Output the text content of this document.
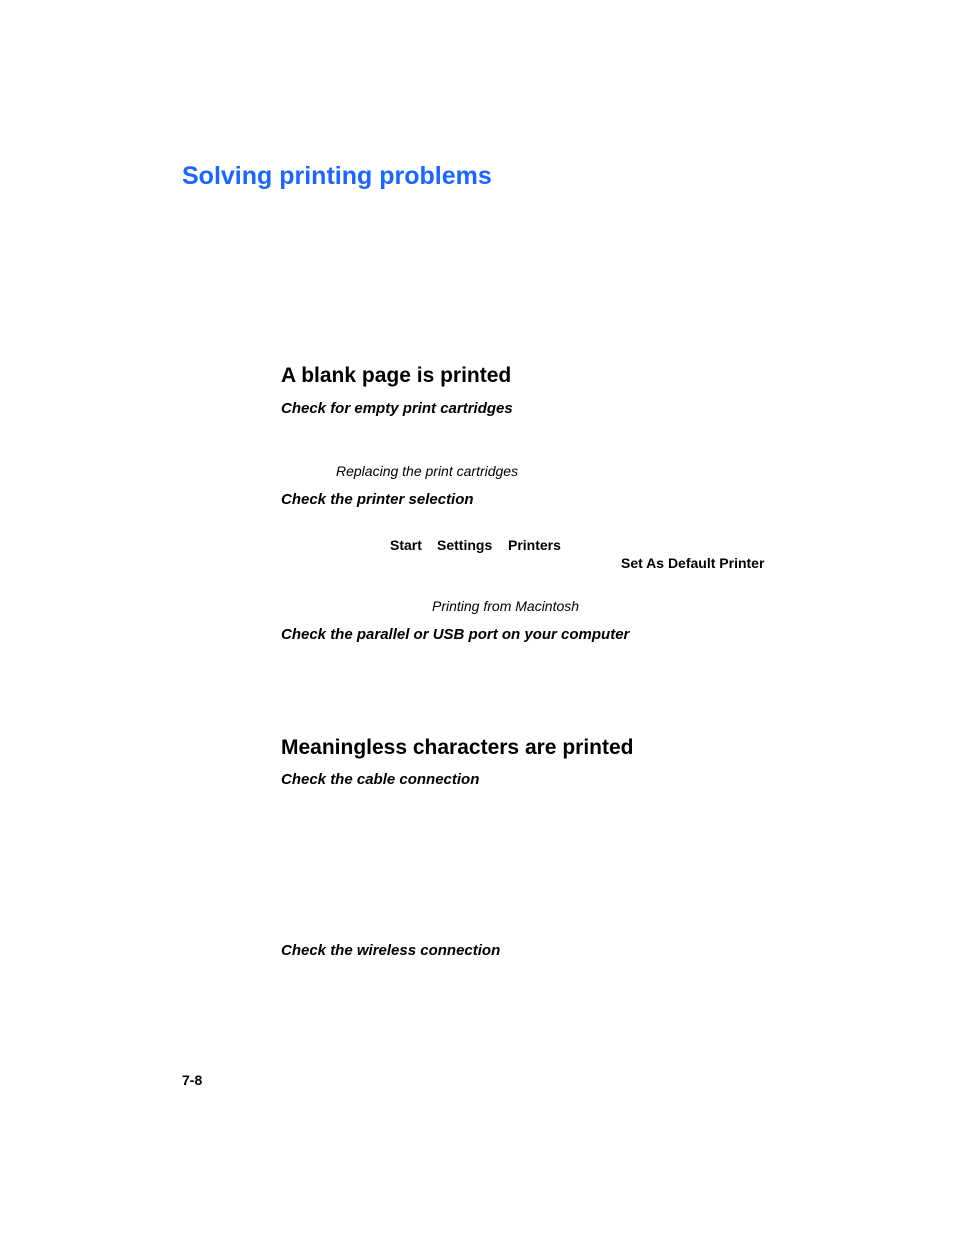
Solving printing problems
A blank page is printed
Check for empty print cartridges
Replacing the print cartridges
Check the printer selection
Start Settings Printers
Set As Default Printer
Printing from Macintosh
Check the parallel or USB port on your computer
Meaningless characters are printed
Check the cable connection
Check the wireless connection
7-8
